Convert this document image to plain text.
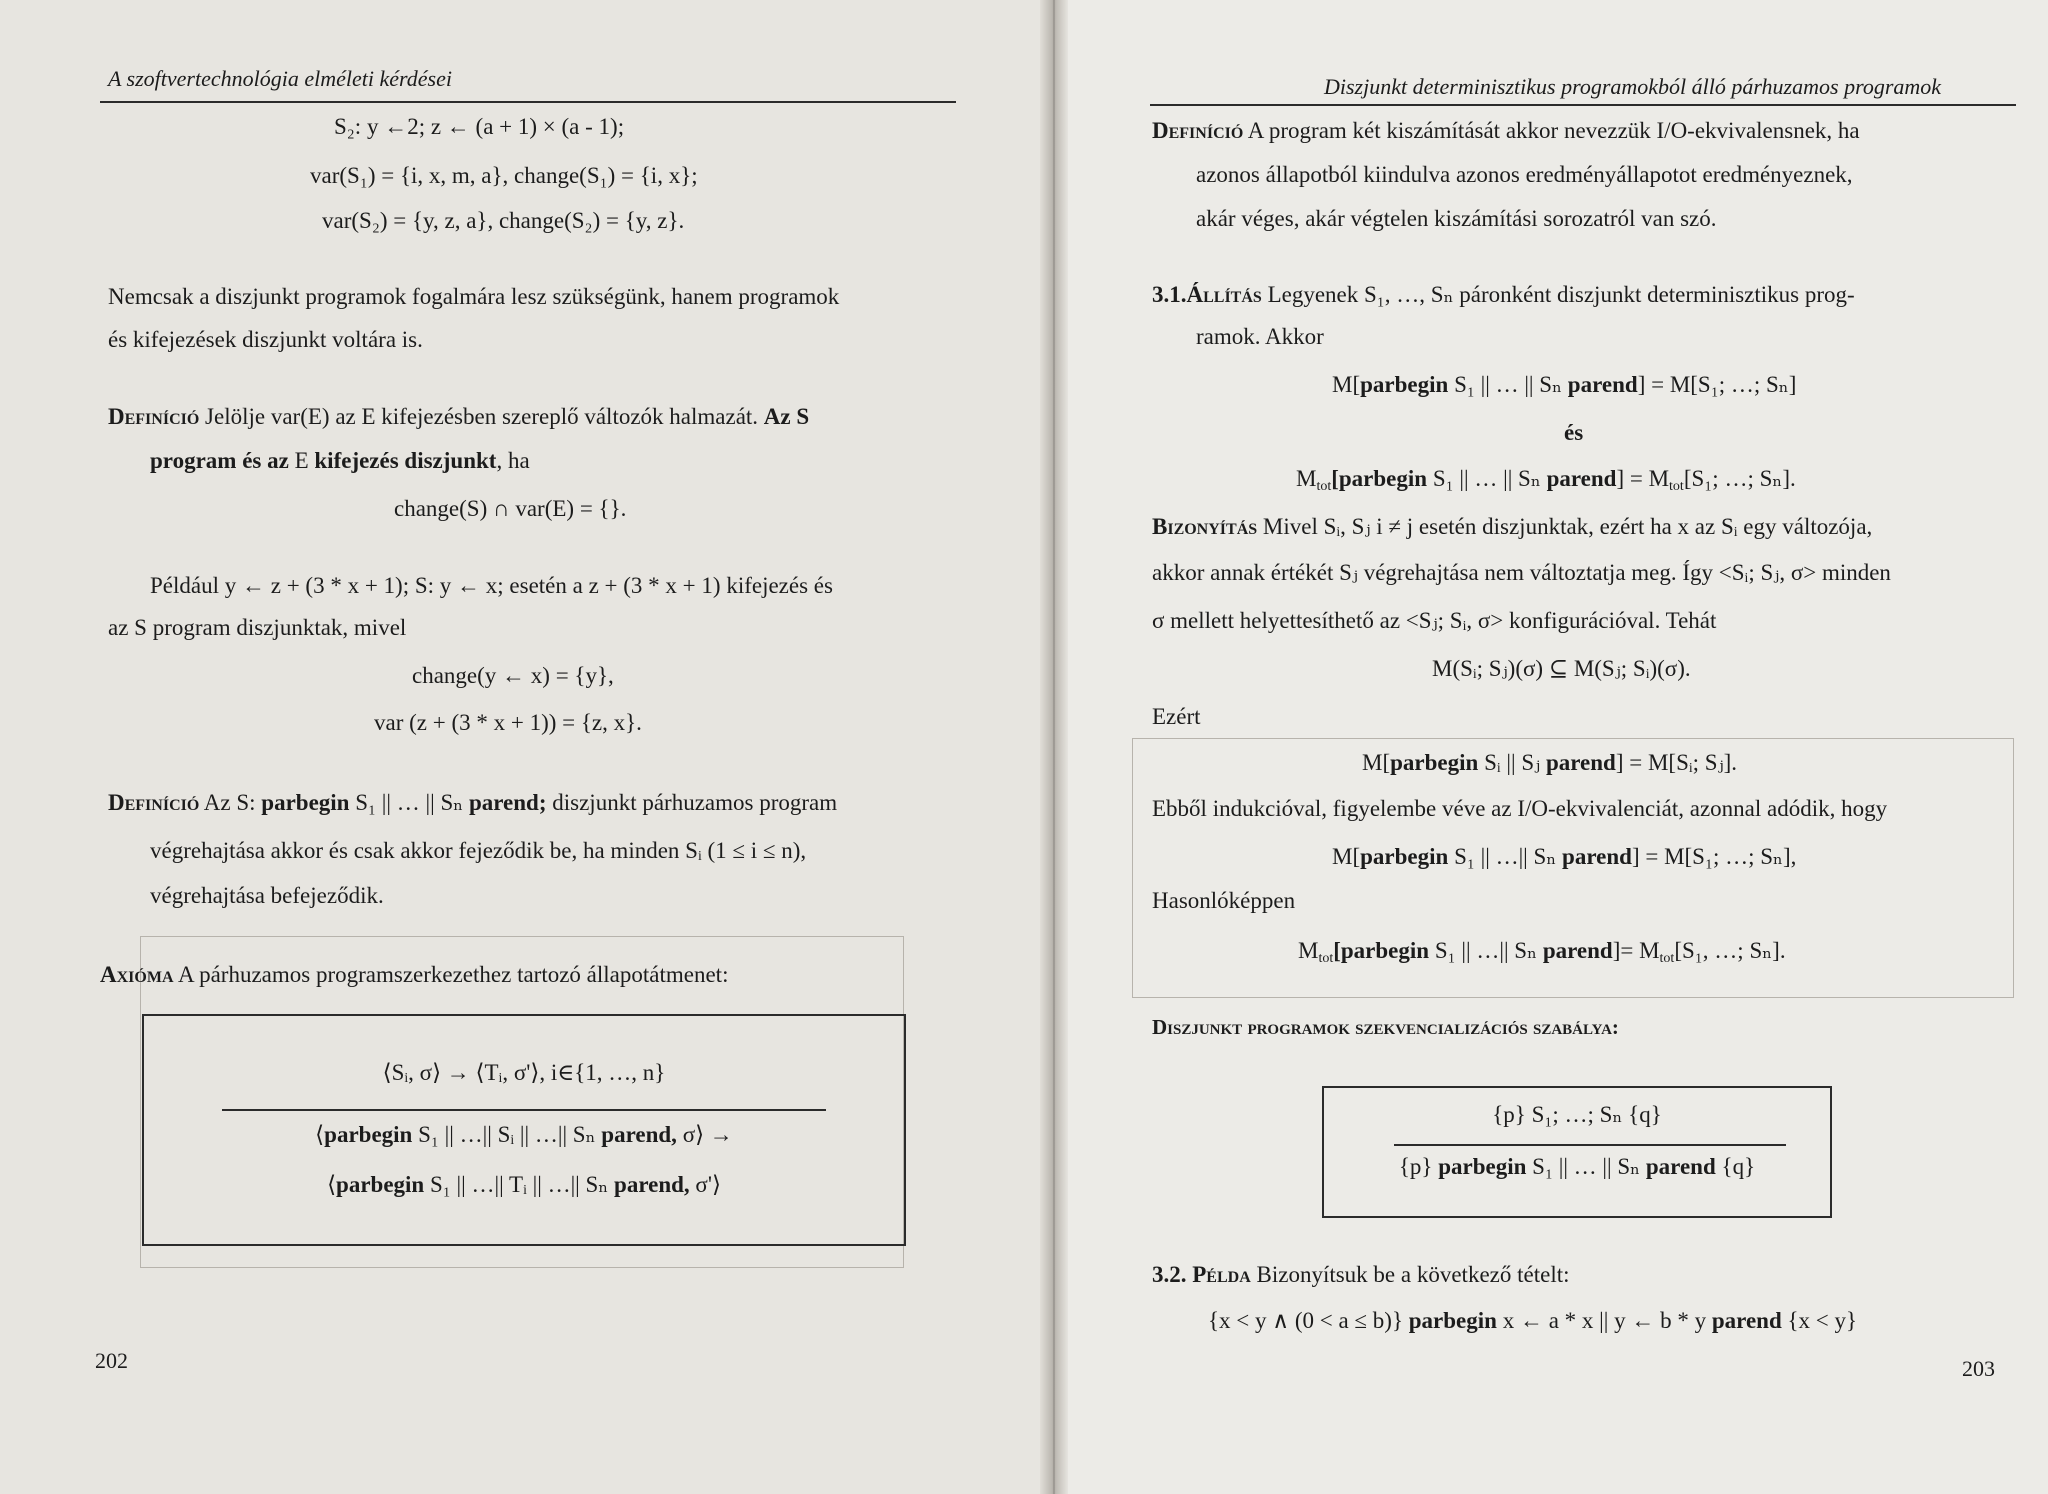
A szoftvertechnológia elméleti kérdései
S₂: y ←2; z ← (a + 1) × (a - 1);
var(S₁) = {i, x, m, a}, change(S₁) = {i, x};
var(S₂) = {y, z, a}, change(S₂) = {y, z}.
Nemcsak a diszjunkt programok fogalmára lesz szükségünk, hanem programok
és kifejezések diszjunkt voltára is.
Definíció Jelölje var(E) az E kifejezésben szereplő változók halmazát. Az S
program és az E kifejezés diszjunkt, ha
change(S) ∩ var(E) = {}.
Például y ← z + (3 * x + 1); S: y ← x; esetén a z + (3 * x + 1) kifejezés és
az S program diszjunktak, mivel
change(y ← x) = {y},
var (z + (3 * x + 1)) = {z, x}.
Definíció Az S: parbegin S₁ || … || Sₙ parend; diszjunkt párhuzamos program
végrehajtása akkor és csak akkor fejeződik be, ha minden Sᵢ (1 ≤ i ≤ n),
végrehajtása befejeződik.
Axióma A párhuzamos programszerkezethez tartozó állapotátmenet:
⟨Sᵢ, σ⟩ → ⟨Tᵢ, σ'⟩, i∈{1, …, n}
⟨parbegin S₁ || …|| Sᵢ || …|| Sₙ parend, σ⟩ →
⟨parbegin S₁ || …|| Tᵢ || …|| Sₙ parend, σ'⟩
202
Diszjunkt determinisztikus programokból álló párhuzamos programok
Definíció A program két kiszámítását akkor nevezzük I/O-ekvivalensnek, ha
azonos állapotból kiindulva azonos eredményállapotot eredményeznek,
akár véges, akár végtelen kiszámítási sorozatról van szó.
3.1.Állítás Legyenek S₁, …, Sₙ páronként diszjunkt determinisztikus prog-
ramok. Akkor
M[parbegin S₁ || … || Sₙ parend] = M[S₁; …; Sₙ]
és
$M_{tot}[parbegin$ S₁ || … || Sₙ parend] = $M_{tot}[S_1$; …; Sₙ].
Bizonyítás Mivel Sᵢ, Sⱼ i ≠ j esetén diszjunktak, ezért ha x az Sᵢ egy változója,
akkor annak értékét Sⱼ végrehajtása nem változtatja meg. Így <Sᵢ; Sⱼ, σ> minden
σ mellett helyettesíthető az <Sⱼ; Sᵢ, σ> konfigurációval. Tehát
M(Sᵢ; Sⱼ)(σ) ⊆ M(Sⱼ; Sᵢ)(σ).
Ezért
M[parbegin Sᵢ || Sⱼ parend] = M[Sᵢ; Sⱼ].
Ebből indukcióval, figyelembe véve az I/O-ekvivalenciát, azonnal adódik, hogy
M[parbegin S₁ || …|| Sₙ parend] = M[S₁; …; Sₙ],
Hasonlóképpen
$M_{tot}[parbegin$ S₁ || …|| Sₙ parend]= $M_{tot}[S_1$, …; Sₙ].
Diszjunkt programok szekvencializációs szabálya:
{p} S₁; …; Sₙ {q}
{p} parbegin S₁ || … || Sₙ parend {q}
3.2. Példa Bizonyítsuk be a következő tételt:
{x < y ∧ (0 < a ≤ b)} parbegin x ← a * x || y ← b * y parend {x < y}
203
